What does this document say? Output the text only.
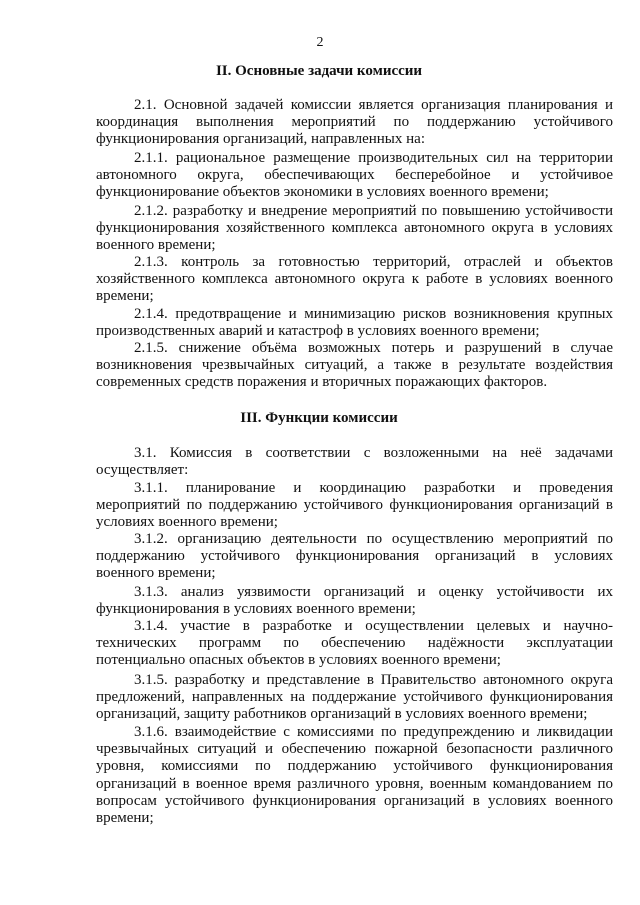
2
II. Основные задачи комиссии
2.1. Основной задачей комиссии является организация планирования и координация выполнения мероприятий по поддержанию устойчивого функционирования организаций, направленных на:
2.1.1. рациональное размещение производительных сил на территории автономного округа, обеспечивающих бесперебойное и устойчивое функционирование объектов экономики в условиях военного времени;
2.1.2. разработку и внедрение мероприятий по повышению устойчивости функционирования хозяйственного комплекса автономного округа в условиях военного времени;
2.1.3. контроль за готовностью территорий, отраслей и объектов хозяйственного комплекса автономного округа к работе в условиях военного времени;
2.1.4. предотвращение и минимизацию рисков возникновения крупных производственных аварий и катастроф в условиях военного времени;
2.1.5. снижение объёма возможных потерь и разрушений в случае возникновения чрезвычайных ситуаций, а также в результате воздействия современных средств поражения и вторичных поражающих факторов.
III. Функции комиссии
3.1. Комиссия в соответствии с возложенными на неё задачами осуществляет:
3.1.1. планирование и координацию разработки и проведения мероприятий по поддержанию устойчивого функционирования организаций в условиях военного времени;
3.1.2. организацию деятельности по осуществлению мероприятий по поддержанию устойчивого функционирования организаций в условиях военного времени;
3.1.3. анализ уязвимости организаций и оценку устойчивости их функционирования в условиях военного времени;
3.1.4. участие в разработке и осуществлении целевых и научно-технических программ по обеспечению надёжности эксплуатации потенциально опасных объектов в условиях военного времени;
3.1.5. разработку и представление в Правительство автономного округа предложений, направленных на поддержание устойчивого функционирования организаций, защиту работников организаций в условиях военного времени;
3.1.6. взаимодействие с комиссиями по предупреждению и ликвидации чрезвычайных ситуаций и обеспечению пожарной безопасности различного уровня, комиссиями по поддержанию устойчивого функционирования организаций в военное время различного уровня, военным командованием по вопросам устойчивого функционирования организаций в условиях военного времени;
